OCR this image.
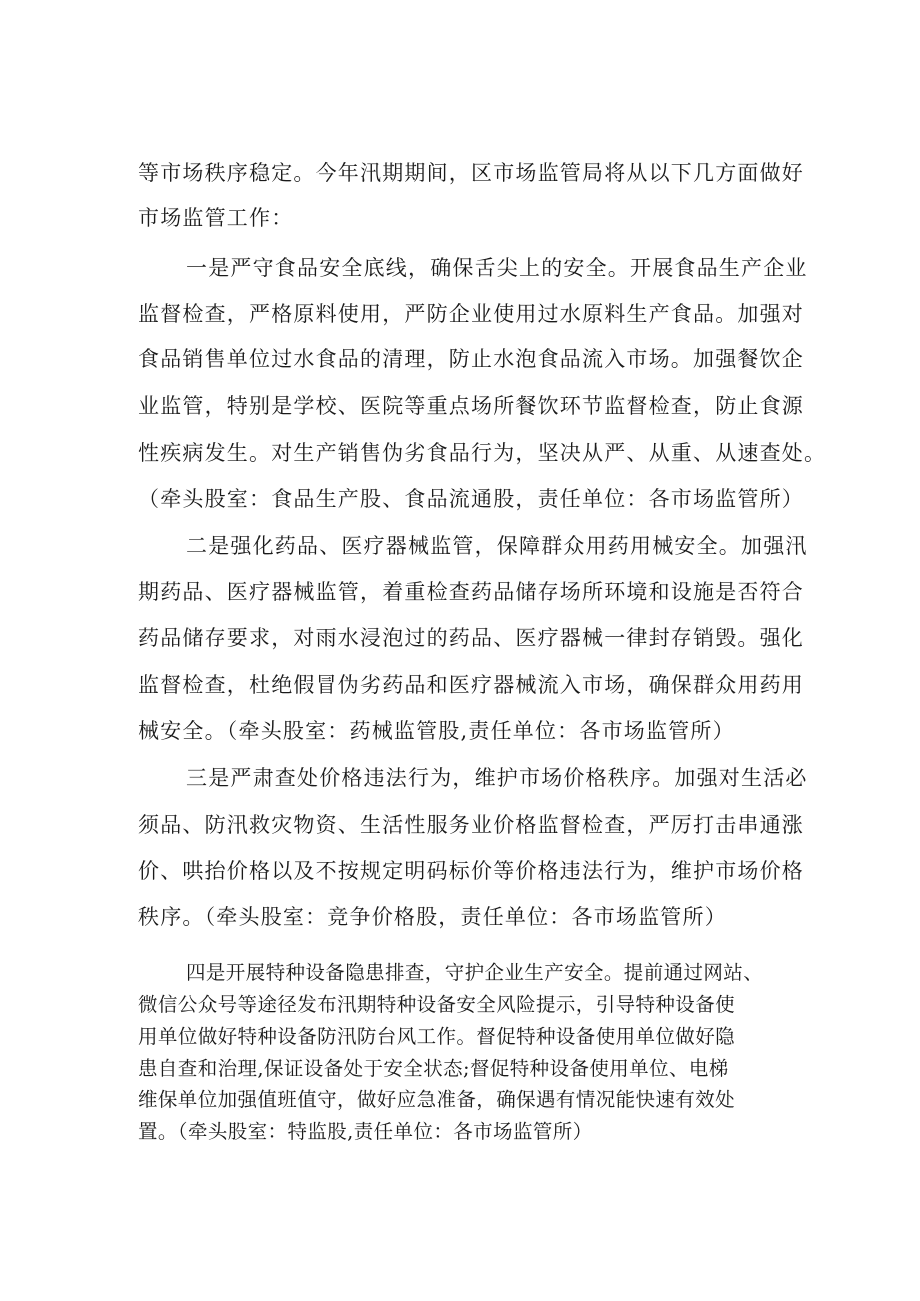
等市场秩序稳定。今年汛期期间，区市场监管局将从以下几方面做好
市场监管工作：
一是严守食品安全底线，确保舌尖上的安全。开展食品生产企业
监督检查，严格原料使用，严防企业使用过水原料生产食品。加强对
食品销售单位过水食品的清理，防止水泡食品流入市场。加强餐饮企
业监管，特别是学校、医院等重点场所餐饮环节监督检查，防止食源
性疾病发生。对生产销售伪劣食品行为，坚决从严、从重、从速查处。
（牵头股室：食品生产股、食品流通股，责任单位：各市场监管所）
二是强化药品、医疗器械监管，保障群众用药用械安全。加强汛
期药品、医疗器械监管，着重检查药品储存场所环境和设施是否符合
药品储存要求，对雨水浸泡过的药品、医疗器械一律封存销毁。强化
监督检查，杜绝假冒伪劣药品和医疗器械流入市场，确保群众用药用
械安全。（牵头股室：药械监管股,责任单位：各市场监管所）
三是严肃查处价格违法行为，维护市场价格秩序。加强对生活必
须品、防汛救灾物资、生活性服务业价格监督检查，严厉打击串通涨
价、哄抬价格以及不按规定明码标价等价格违法行为，维护市场价格
秩序。（牵头股室：竞争价格股，责任单位：各市场监管所）
四是开展特种设备隐患排查，守护企业生产安全。提前通过网站、
微信公众号等途径发布汛期特种设备安全风险提示，引导特种设备使
用单位做好特种设备防汛防台风工作。督促特种设备使用单位做好隐
患自查和治理,保证设备处于安全状态;督促特种设备使用单位、电梯
维保单位加强值班值守，做好应急准备，确保遇有情况能快速有效处
置。（牵头股室：特监股,责任单位：各市场监管所）
